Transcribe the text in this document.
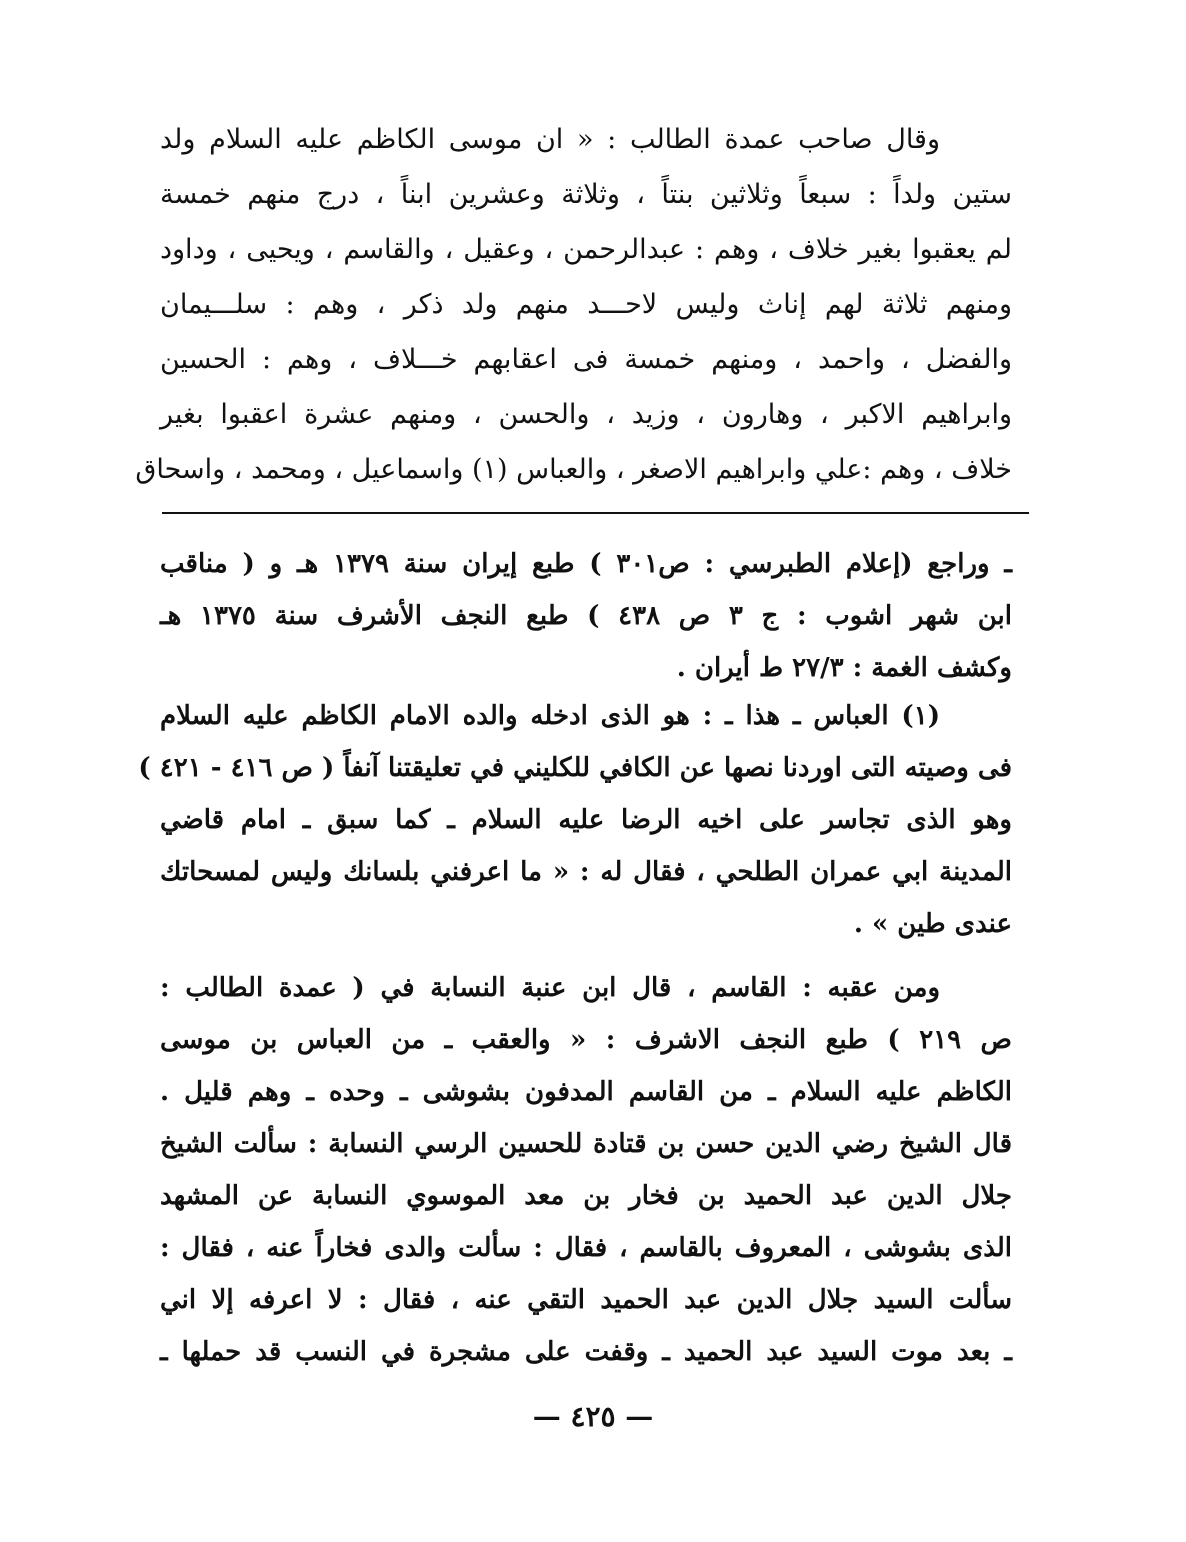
وقال صاحب عمدة الطالب : « ان موسى الكاظم عليه السلام ولد
ستين ولداً : سبعاً وثلاثين بنتاً ، وثلاثة وعشرين ابناً ، درج منهم خمسة
لم يعقبوا بغير خلاف ، وهم : عبدالرحمن ، وعقيل ، والقاسم ، ويحيى ، وداود
ومنهم ثلاثة لهم إناث وليس لاحـــد منهم ولد ذكر ، وهم : سلـــيمان
والفضل ، واحمد ، ومنهم خمسة فى اعقابهم خـــلاف ، وهم : الحسين
وابراهيم الاكبر ، وهارون ، وزيد ، والحسن ، ومنهم عشرة اعقبوا بغير
خلاف ، وهم :علي وابراهيم الاصغر ، والعباس (١) واسماعيل ، ومحمد ، واسحاق
ـ وراجع (إعلام الطبرسي : ص٣٠١ ) طبع إيران سنة ١٣٧٩ هـ و ( مناقب
ابن شهر اشوب : ج ٣ ص ٤٣٨ ) طبع النجف الأشرف سنة ١٣٧٥ هـ
وكشف الغمة : ٢٧/٣ ط أيران .
(١) العباس ـ هذا ـ : هو الذى ادخله والده الامام الكاظم عليه السلام
فى وصيته التى اوردنا نصها عن الكافي للكليني في تعليقتنا آنفاً ( ص ٤١٦ - ٤٢١ )
وهو الذى تجاسر على اخيه الرضا عليه السلام ـ كما سبق ـ امام قاضي
المدينة ابي عمران الطلحي ، فقال له : « ما اعرفني بلسانك وليس لمسحاتك
عندى طين » .
ومن عقبه : القاسم ، قال ابن عنبة النسابة في ( عمدة الطالب :
ص ٢١٩ ) طبع النجف الاشرف : « والعقب ـ من العباس بن موسى
الكاظم عليه السلام ـ من القاسم المدفون بشوشى ـ وحده ـ وهم قليل .
قال الشيخ رضي الدين حسن بن قتادة للحسين الرسي النسابة : سألت الشيخ
جلال الدين عبد الحميد بن فخار بن معد الموسوي النسابة عن المشهد
الذى بشوشى ، المعروف بالقاسم ، فقال : سألت والدى فخاراً عنه ، فقال :
سألت السيد جلال الدين عبد الحميد التقي عنه ، فقال : لا اعرفه إلا اني
ـ بعد موت السيد عبد الحميد ـ وقفت على مشجرة في النسب قد حملها ـ
— ٤٢٥ —
